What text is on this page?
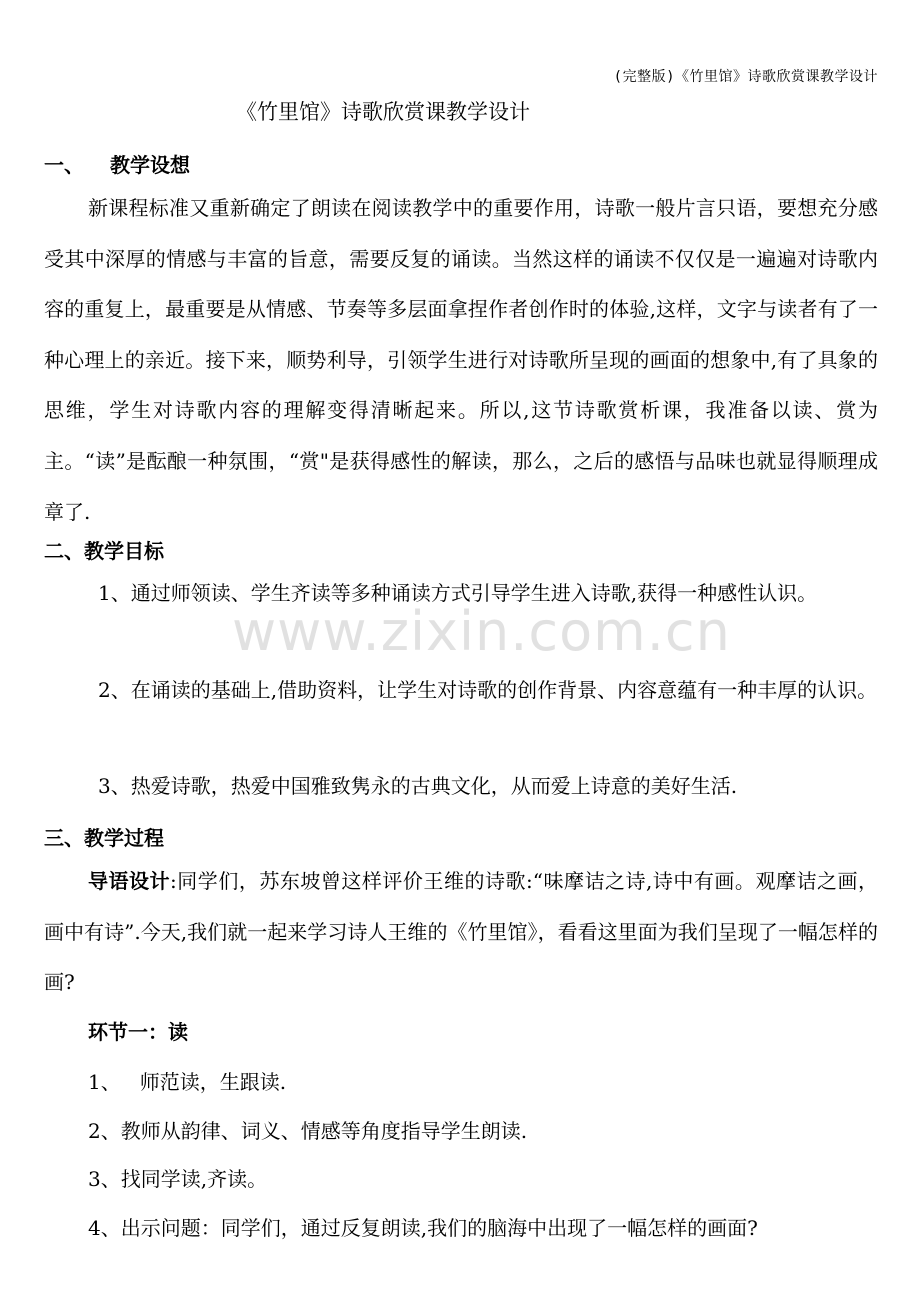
(完整版)《竹里馆》诗歌欣赏课教学设计
《竹里馆》诗歌欣赏课教学设计
一、 教学设想

新课程标准又重新确定了朗读在阅读教学中的重要作用，诗歌一般片言只语，要想充分感受其中深厚的情感与丰富的旨意，需要反复的诵读。当然这样的诵读不仅仅是一遍遍对诗歌内容的重复上，最重要是从情感、节奏等多层面拿捏作者创作时的体验,这样，文字与读者有了一种心理上的亲近。接下来，顺势利导，引领学生进行对诗歌所呈现的画面的想象中,有了具象的思维，学生对诗歌内容的理解变得清晰起来。所以,这节诗歌赏析课，我准备以读、赏为主。“读”是酝酿一种氛围，“赏"是获得感性的解读，那么，之后的感悟与品味也就显得顺理成章了.

二、教学目标

1、通过师领读、学生齐读等多种诵读方式引导学生进入诗歌,获得一种感性认识。

2、在诵读的基础上,借助资料，让学生对诗歌的创作背景、内容意蕴有一种丰厚的认识。

3、热爱诗歌，热爱中国雅致隽永的古典文化，从而爱上诗意的美好生活.

三、教学过程

导语设计:同学们，苏东坡曾这样评价王维的诗歌:“味摩诘之诗,诗中有画。观摩诘之画，画中有诗”.今天,我们就一起来学习诗人王维的《竹里馆》，看看这里面为我们呈现了一幅怎样的画?

环节一：读
1、   师范读，生跟读.
2、教师从韵律、词义、情感等角度指导学生朗读.
3、找同学读,齐读。
4、出示问题：同学们，通过反复朗读,我们的脑海中出现了一幅怎样的画面?
www.zixin.com.cn
